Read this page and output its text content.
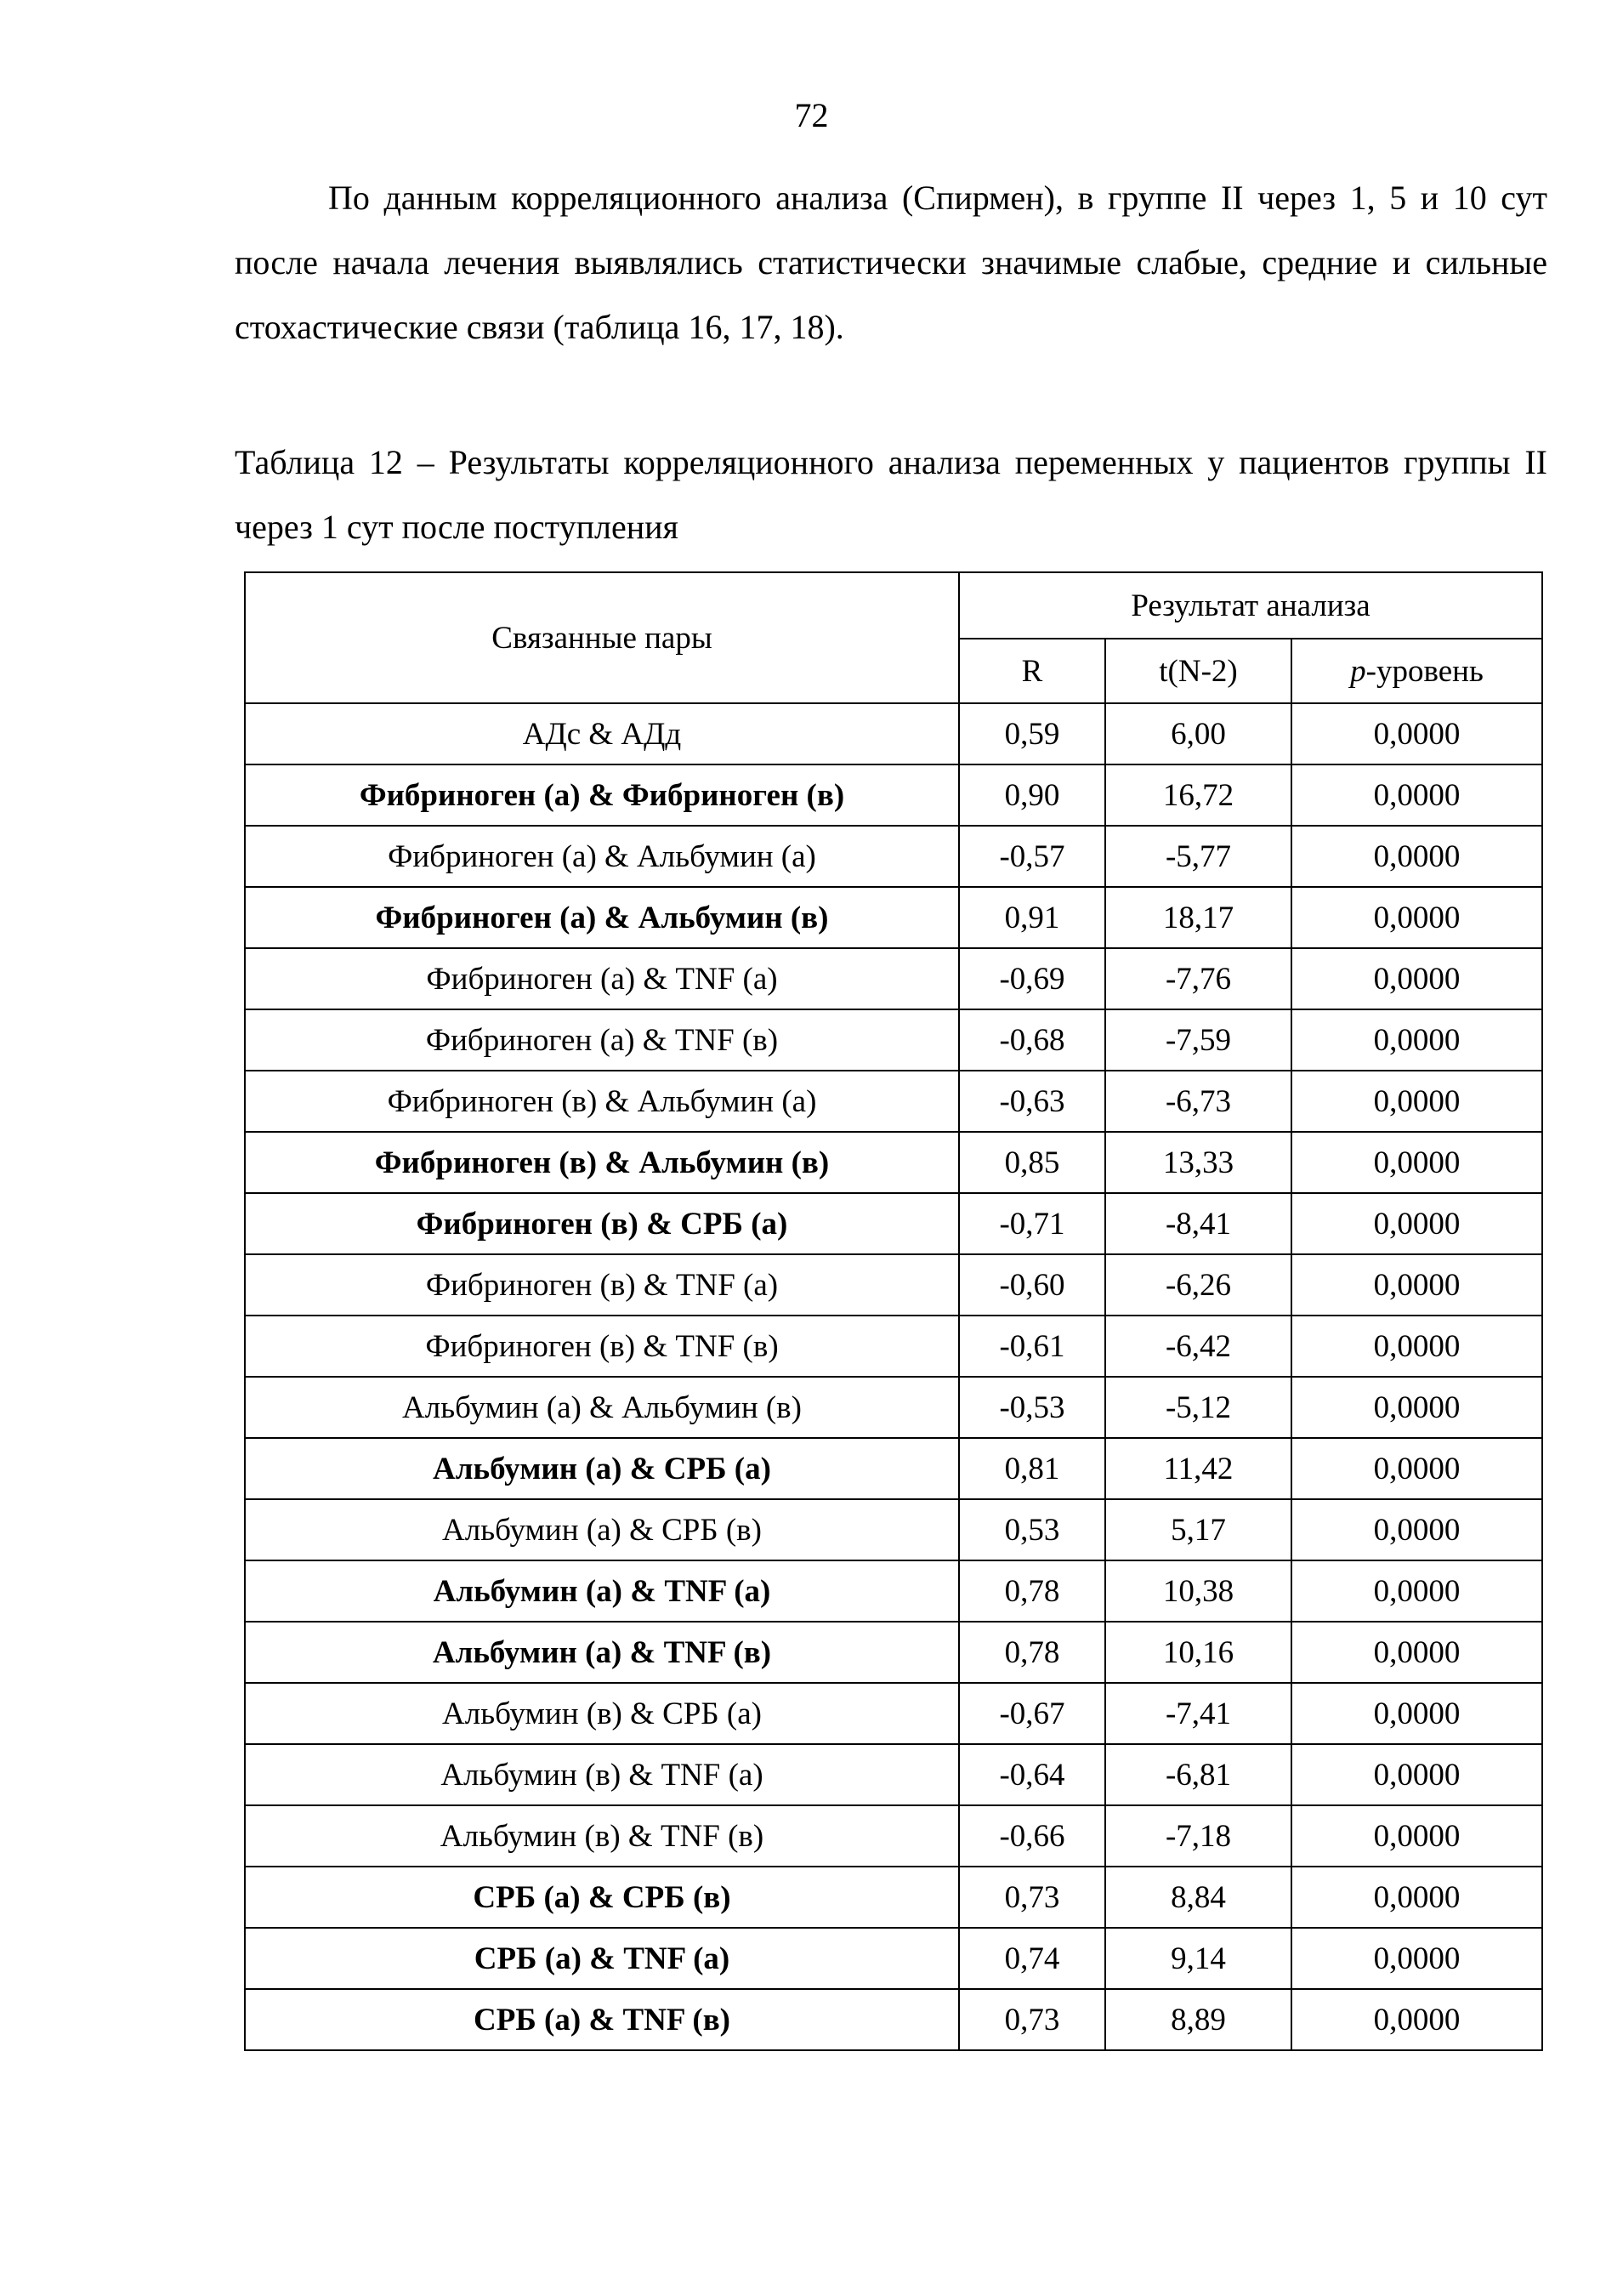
72

По данным корреляционного анализа (Спирмен), в группе II через 1, 5 и 10 сут после начала лечения выявлялись статистически значимые слабые, средние и сильные стохастические связи (таблица 16, 17, 18).

Таблица 12 – Результаты корреляционного анализа переменных у пациентов группы II через 1 сут после поступления

Связанные пары	Результат анализа		
	R	t(N-2)	p-уровень
АДс & АДд	0,59	6,00	0,0000
Фибриноген (а) & Фибриноген (в)	0,90	16,72	0,0000
Фибриноген (а) & Альбумин (а)	-0,57	-5,77	0,0000
Фибриноген (а) & Альбумин (в)	0,91	18,17	0,0000
Фибриноген (а) & TNF (а)	-0,69	-7,76	0,0000
Фибриноген (а) & TNF (в)	-0,68	-7,59	0,0000
Фибриноген (в) & Альбумин (а)	-0,63	-6,73	0,0000
Фибриноген (в) & Альбумин (в)	0,85	13,33	0,0000
Фибриноген (в) & СРБ (а)	-0,71	-8,41	0,0000
Фибриноген (в) & TNF (а)	-0,60	-6,26	0,0000
Фибриноген (в) & TNF (в)	-0,61	-6,42	0,0000
Альбумин (а) & Альбумин (в)	-0,53	-5,12	0,0000
Альбумин (а) & СРБ (а)	0,81	11,42	0,0000
Альбумин (а) & СРБ (в)	0,53	5,17	0,0000
Альбумин (а) & TNF (а)	0,78	10,38	0,0000
Альбумин (а) & TNF (в)	0,78	10,16	0,0000
Альбумин (в) & СРБ (а)	-0,67	-7,41	0,0000
Альбумин (в) & TNF (а)	-0,64	-6,81	0,0000
Альбумин (в) & TNF (в)	-0,66	-7,18	0,0000
СРБ (а) & СРБ (в)	0,73	8,84	0,0000
СРБ (а) & TNF (а)	0,74	9,14	0,0000
СРБ (а) & TNF (в)	0,73	8,89	0,0000
